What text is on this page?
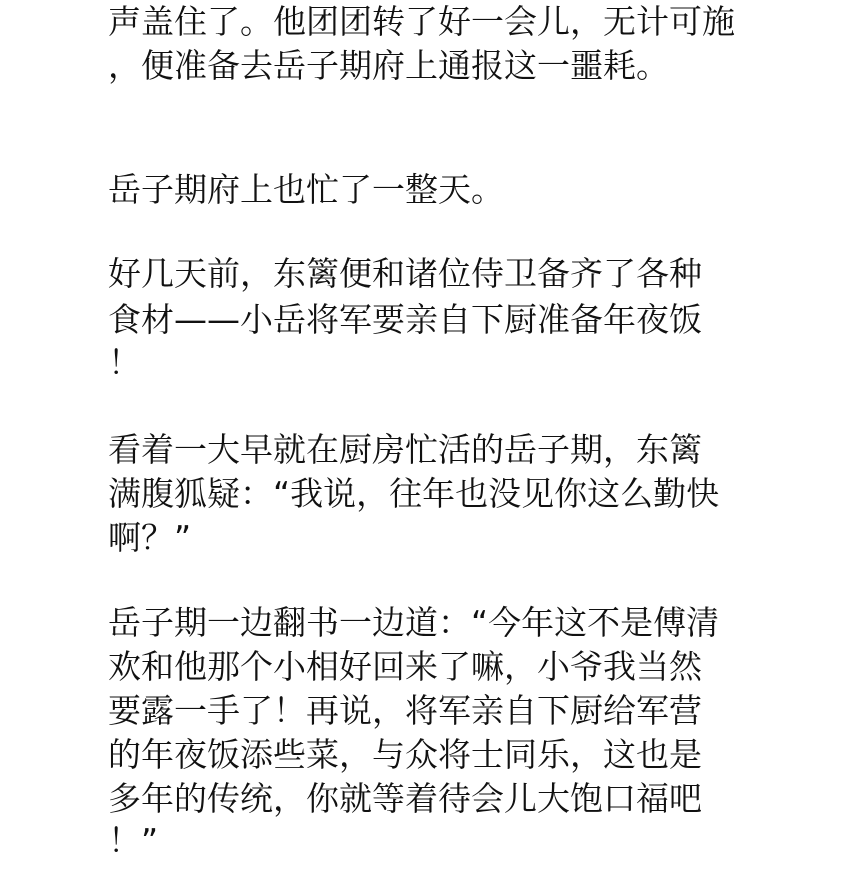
声盖住了。他团团转了好一会儿，无计可施
，便准备去岳子期府上通报这一噩耗。
岳子期府上也忙了一整天。
好几天前，东篱便和诸位侍卫备齐了各种
食材——小岳将军要亲自下厨准备年夜饭
！
看着一大早就在厨房忙活的岳子期，东篱
满腹狐疑：“我说，往年也没见你这么勤快
啊？”
岳子期一边翻书一边道：“今年这不是傅清
欢和他那个小相好回来了嘛，小爷我当然
要露一手了！再说，将军亲自下厨给军营
的年夜饭添些菜，与众将士同乐，这也是
多年的传统，你就等着待会儿大饱口福吧
！”
